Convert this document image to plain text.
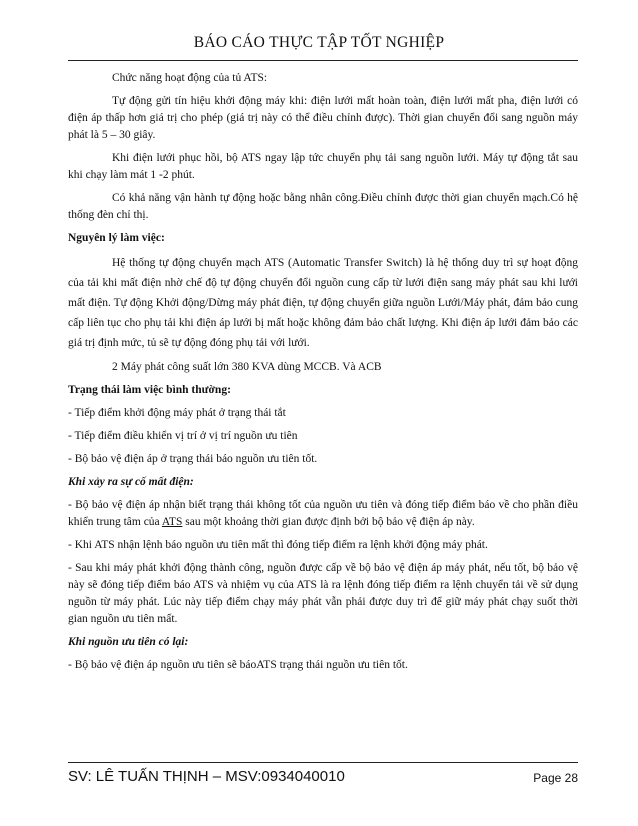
BÁO CÁO THỰC TẬP TỐT NGHIỆP

Chức năng hoạt động của tủ ATS:

Tự động gửi tín hiệu khởi động máy khi: điện lưới mất hoàn toàn, điện lưới mất pha, điện lưới có điện áp thấp hơn giá trị cho phép (giá trị này có thể điều chỉnh được). Thời gian chuyển đổi sang nguồn máy phát là 5 – 30 giây.

Khi điện lưới phục hồi, bộ ATS ngay lập tức chuyển phụ tải sang nguồn lưới. Máy tự động tắt sau khi chạy làm mát 1 -2 phút.

Có khả năng vận hành tự động hoặc bằng nhân công.Điều chỉnh được thời gian chuyển mạch.Có hệ thống đèn chỉ thị.

Nguyên lý làm việc:

Hệ thống tự động chuyển mạch ATS (Automatic Transfer Switch) là hệ thống duy trì sự hoạt động của tải khi mất điện nhờ chế độ tự động chuyển đổi nguồn cung cấp từ lưới điện sang máy phát sau khi lưới mất điện. Tự động Khởi động/Dừng máy phát điện, tự động chuyển giữa nguồn Lưới/Máy phát, đảm bảo cung cấp liên tục cho phụ tải khi điện áp lưới bị mất hoặc không đảm bảo chất lượng. Khi điện áp lưới đảm bảo các giá trị định mức, tủ sẽ tự động đóng phụ tải với lưới.

2 Máy phát công suất lớn 380 KVA dùng MCCB. Và ACB

Trạng thái làm việc bình thường:

- Tiếp điểm khởi động máy phát ở trạng thái tắt

- Tiếp điểm điều khiển vị trí ở vị trí nguồn ưu tiên

- Bộ bảo vệ điện áp ở trạng thái báo nguồn ưu tiên tốt.

Khi xảy ra sự cố mất điện:

- Bộ bảo vệ điện áp nhận biết trạng thái không tốt của nguồn ưu tiên và đóng tiếp điểm báo về cho phần điều khiển trung tâm của ATS sau một khoảng thời gian được định bởi bộ bảo vệ điện áp này.

- Khi ATS nhận lệnh báo nguồn ưu tiên mất thì đóng tiếp điểm ra lệnh khởi động máy phát.

- Sau khi máy phát khởi động thành công, nguồn được cấp về bộ bảo vệ điện áp máy phát, nếu tốt, bộ bảo vệ này sẽ đóng tiếp điểm báo ATS và nhiệm vụ của ATS là ra lệnh đóng tiếp điểm ra lệnh chuyển tải về sử dụng nguồn từ máy phát. Lúc này tiếp điểm chạy máy phát vẫn phải được duy trì để giữ máy phát chạy suốt thời gian nguồn ưu tiên mất.

Khi nguồn ưu tiên có lại:

- Bộ bảo vệ điện áp nguồn ưu tiên sẽ báoATS trạng thái nguồn ưu tiên tốt.

SV: LÊ TUẤN THỊNH – MSV:0934040010	Page 28
